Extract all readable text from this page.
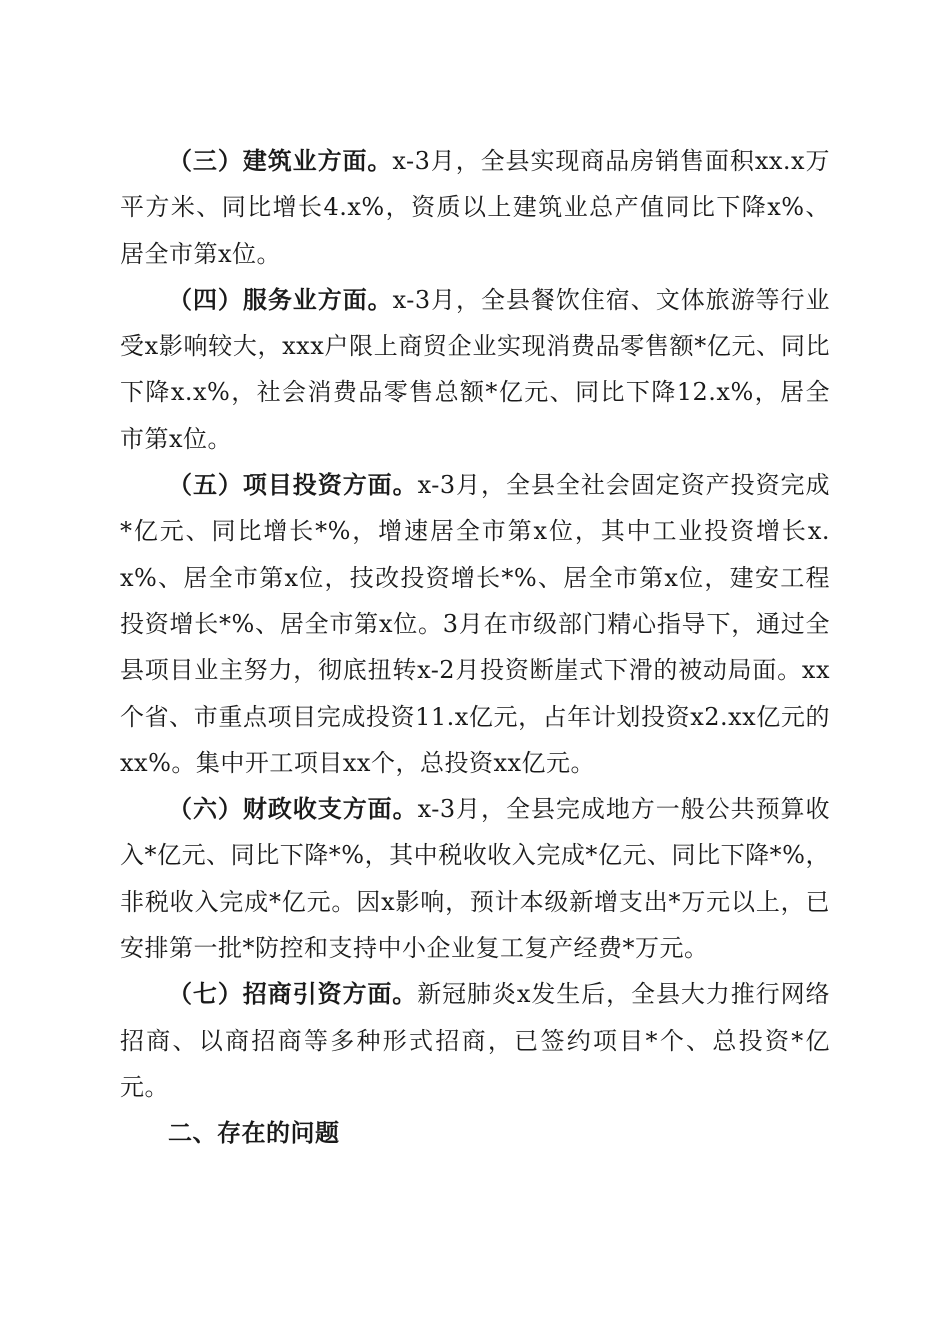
（三）建筑业方面。x-3月，全县实现商品房销售面积xx.x万平方米、同比增长4.x%，资质以上建筑业总产值同比下降x%、居全市第x位。

（四）服务业方面。x-3月，全县餐饮住宿、文体旅游等行业受x影响较大，xxx户限上商贸企业实现消费品零售额*亿元、同比下降x.x%，社会消费品零售总额*亿元、同比下降12.x%，居全市第x位。

（五）项目投资方面。x-3月，全县全社会固定资产投资完成*亿元、同比增长*%，增速居全市第x位，其中工业投资增长x.x%、居全市第x位，技改投资增长*%、居全市第x位，建安工程投资增长*%、居全市第x位。3月在市级部门精心指导下，通过全县项目业主努力，彻底扭转x-2月投资断崖式下滑的被动局面。xx个省、市重点项目完成投资11.x亿元，占年计划投资x2.xx亿元的xx%。集中开工项目xx个，总投资xx亿元。

（六）财政收支方面。x-3月，全县完成地方一般公共预算收入*亿元、同比下降*%，其中税收收入完成*亿元、同比下降*%，非税收入完成*亿元。因x影响，预计本级新增支出*万元以上，已安排第一批*防控和支持中小企业复工复产经费*万元。

（七）招商引资方面。新冠肺炎x发生后，全县大力推行网络招商、以商招商等多种形式招商，已签约项目*个、总投资*亿元。

二、存在的问题
